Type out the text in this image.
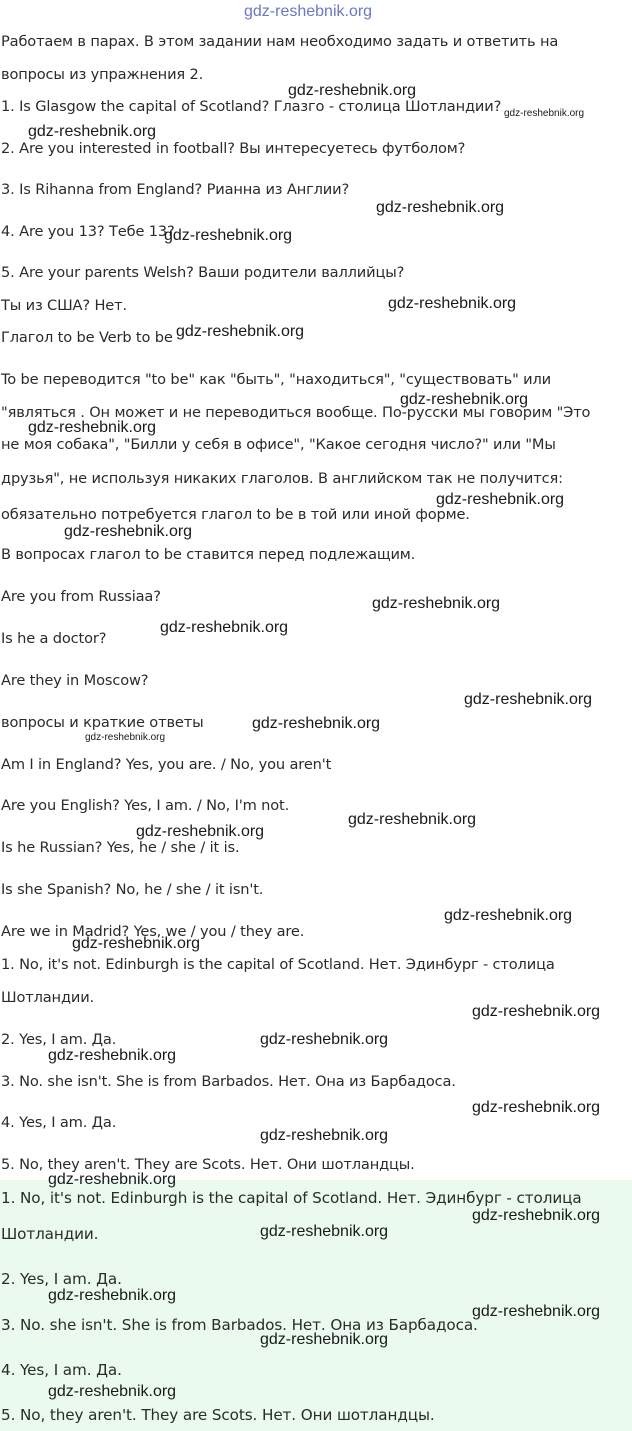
Работаем в парах. В этом задании нам необходимо задать и ответить на

вопросы из упражнения 2.

1. Is Glasgow the capital of Scotland? Глазго - столица Шотландии?

2. Are you interested in football? Вы интересуетесь футболом?

3. Is Rihanna from England? Рианна из Англии?

4. Are you 13? Тебе 13?

5. Are your parents Welsh? Ваши родители валлийцы?

Ты из США? Нет.

Глагол to be Verb to be

To be переводится "to be" как "быть", "находиться", "существовать" или

"являться . Он может и не переводиться вообще. По-русски мы говорим "Это

не моя собака", "Билли у себя в офисе", "Какое сегодня число?" или "Мы

друзья", не используя никаких глаголов. В английском так не получится:

обязательно потребуется глагол to be в той или иной форме.

В вопросах глагол to be ставится перед подлежащим.

Are you from Russiaa?

Is he a doctor?

Are they in Moscow?

вопросы и краткие ответы

Am I in England? Yes, you are. / No, you aren't

Are you English? Yes, I am. / No, I'm not.

Is he Russian? Yes, he / she / it is.

Is she Spanish? No, he / she / it isn't.

Are we in Madrid? Yes, we / you / they are.

1. No, it's not. Edinburgh is the capital of Scotland. Нет. Эдинбург - столица

Шотландии.

2. Yes, I am. Да.

3. No. she isn't. She is from Barbados. Нет. Она из Барбадоса.

4. Yes, I am. Да.

5. No, they aren't. They are Scots. Нет. Они шотландцы.

1. No, it's not. Edinburgh is the capital of Scotland. Нет. Эдинбург - столица

Шотландии.

2. Yes, I am. Да.

3. No. she isn't. She is from Barbados. Нет. Она из Барбадоса.

4. Yes, I am. Да.

5. No, they aren't. They are Scots. Нет. Они шотландцы.

gdz-reshebnik.org

gdz-reshebnik.org

gdz-reshebnik.org

gdz-reshebnik.org

gdz-reshebnik.org

gdz-reshebnik.org

gdz-reshebnik.org

gdz-reshebnik.org

gdz-reshebnik.org

gdz-reshebnik.org

gdz-reshebnik.org

gdz-reshebnik.org

gdz-reshebnik.org

gdz-reshebnik.org

gdz-reshebnik.org

gdz-reshebnik.org

gdz-reshebnik.org

gdz-reshebnik.org

gdz-reshebnik.org

gdz-reshebnik.org

gdz-reshebnik.org

gdz-reshebnik.org

gdz-reshebnik.org

gdz-reshebnik.org

gdz-reshebnik.org

gdz-reshebnik.org

gdz-reshebnik.org

gdz-reshebnik.org

gdz-reshebnik.org

gdz-reshebnik.org

gdz-reshebnik.org

gdz-reshebnik.org

gdz-reshebnik.org
